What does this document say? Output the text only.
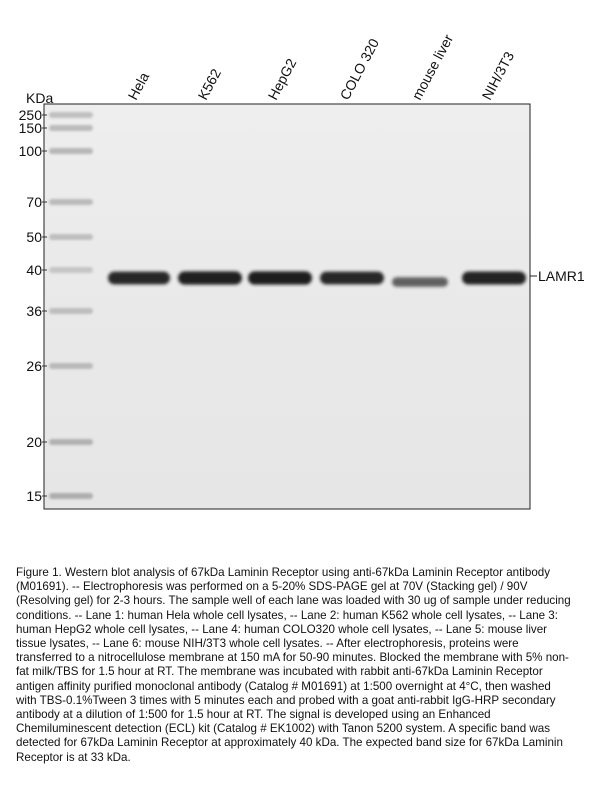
KDa
250
150
100
70
50
40
36
26
20
15
Hela	K562	HepG2	COLO 320 mouse liver NIH/3T3
LAMR1
Figure 1. Western blot analysis of 67kDa Laminin Receptor using anti-67kDa Laminin Receptor antibody (M01691). -- Electrophoresis was performed on a 5-20% SDS-PAGE gel at 70V (Stacking gel) / 90V (Resolving gel) for 2-3 hours. The sample well of each lane was loaded with 30 ug of sample under reducing conditions. -- Lane 1: human Hela whole cell lysates, -- Lane 2: human K562 whole cell lysates, -- Lane 3: human HepG2 whole cell lysates, -- Lane 4: human COLO320 whole cell lysates, -- Lane 5: mouse liver tissue lysates, -- Lane 6: mouse NIH/3T3 whole cell lysates. -- After electrophoresis, proteins were transferred to a nitrocellulose membrane at 150 mA for 50-90 minutes. Blocked the membrane with 5% non-fat milk/TBS for 1.5 hour at RT. The membrane was incubated with rabbit anti-67kDa Laminin Receptor antigen affinity purified monoclonal antibody (Catalog # M01691) at 1:500 overnight at 4°C, then washed with TBS-0.1%Tween 3 times with 5 minutes each and probed with a goat anti-rabbit IgG-HRP secondary antibody at a dilution of 1:500 for 1.5 hour at RT. The signal is developed using an Enhanced Chemiluminescent detection (ECL) kit (Catalog # EK1002) with Tanon 5200 system. A specific band was detected for 67kDa Laminin Receptor at approximately 40 kDa. The expected band size for 67kDa Laminin Receptor is at 33 kDa.
